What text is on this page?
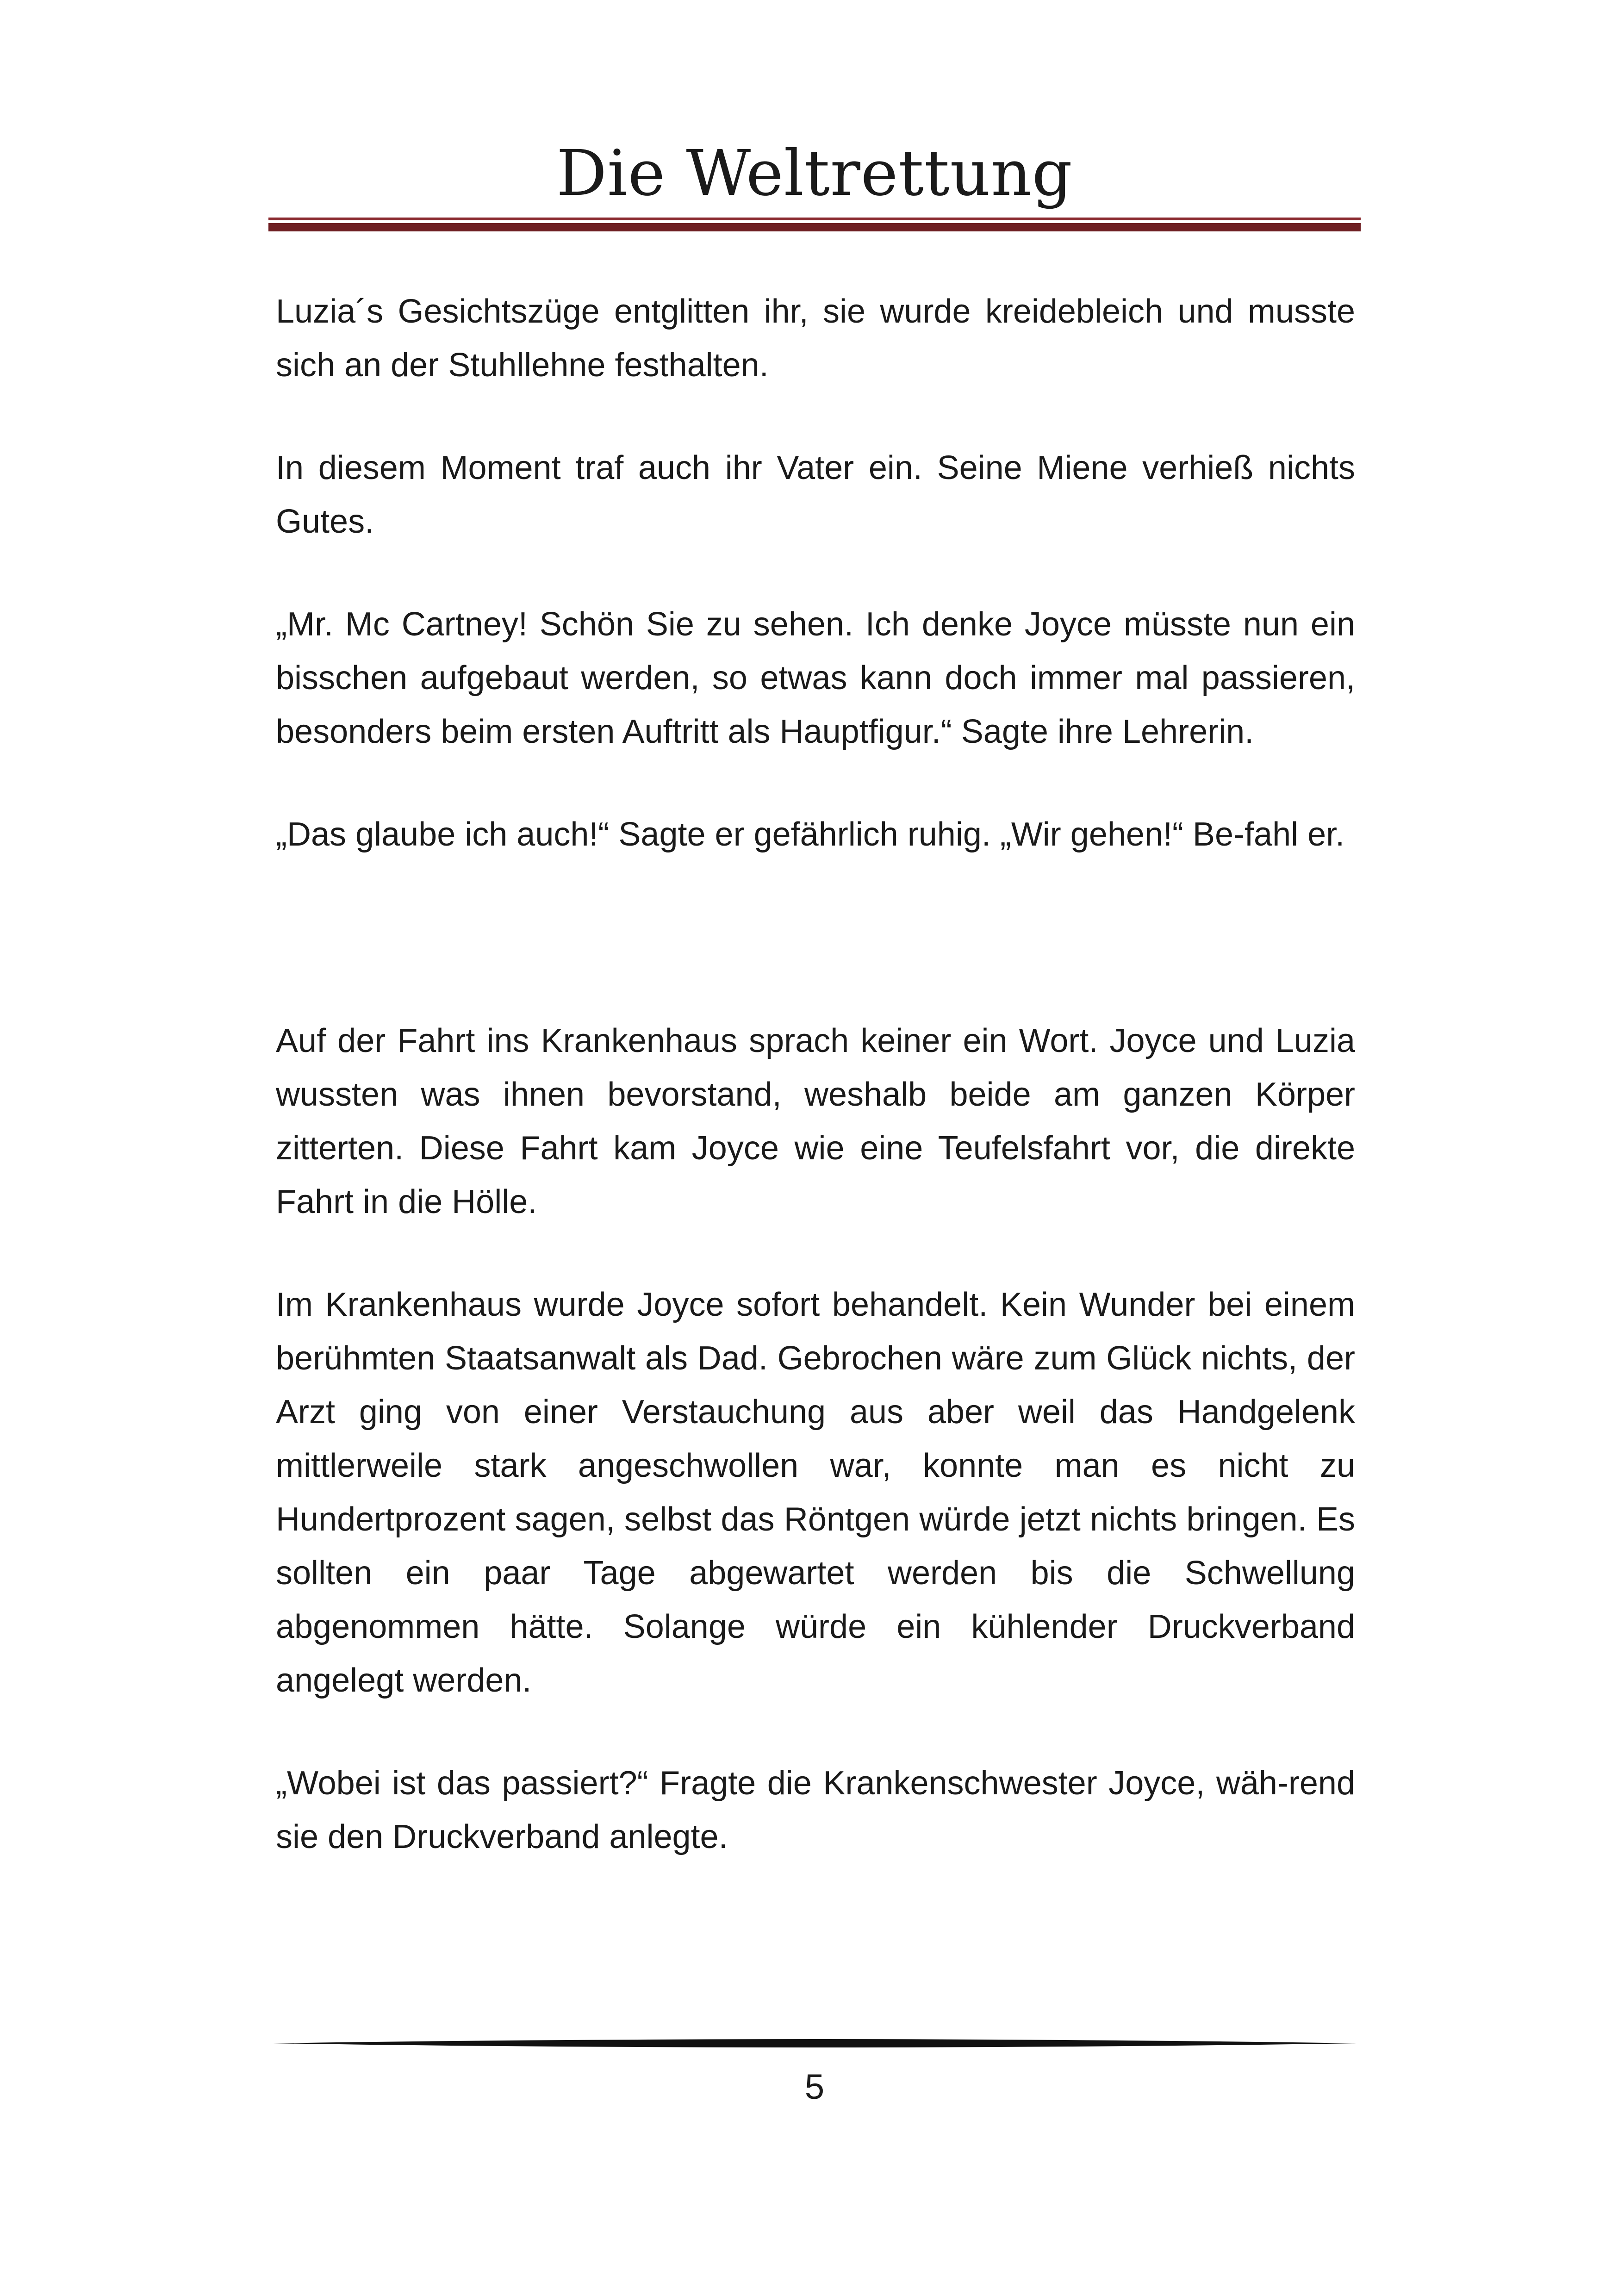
Die Weltrettung

Luzia´s Gesichtszüge entglitten ihr, sie wurde kreidebleich und musste sich an der Stuhllehne festhalten.

In diesem Moment traf auch ihr Vater ein. Seine Miene verhieß nichts Gutes.

„Mr. Mc Cartney! Schön Sie zu sehen. Ich denke Joyce müsste nun ein bisschen aufgebaut werden, so etwas kann doch immer mal passieren, besonders beim ersten Auftritt als Hauptfigur.“ Sagte ihre Lehrerin.

„Das glaube ich auch!“ Sagte er gefährlich ruhig. „Wir gehen!“ Be-fahl er.

Auf der Fahrt ins Krankenhaus sprach keiner ein Wort. Joyce und Luzia wussten was ihnen bevorstand, weshalb beide am ganzen Körper zitterten. Diese Fahrt kam Joyce wie eine Teufelsfahrt vor, die direkte Fahrt in die Hölle.

Im Krankenhaus wurde Joyce sofort behandelt. Kein Wunder bei einem berühmten Staatsanwalt als Dad. Gebrochen wäre zum Glück nichts, der Arzt ging von einer Verstauchung aus aber weil das Handgelenk mittlerweile stark angeschwollen war, konnte man es nicht zu Hundertprozent sagen, selbst das Röntgen würde jetzt nichts bringen. Es sollten ein paar Tage abgewartet werden bis die Schwellung abgenommen hätte. Solange würde ein kühlender Druckverband angelegt werden.

„Wobei ist das passiert?“ Fragte die Krankenschwester Joyce, wäh-rend sie den Druckverband anlegte.

5
